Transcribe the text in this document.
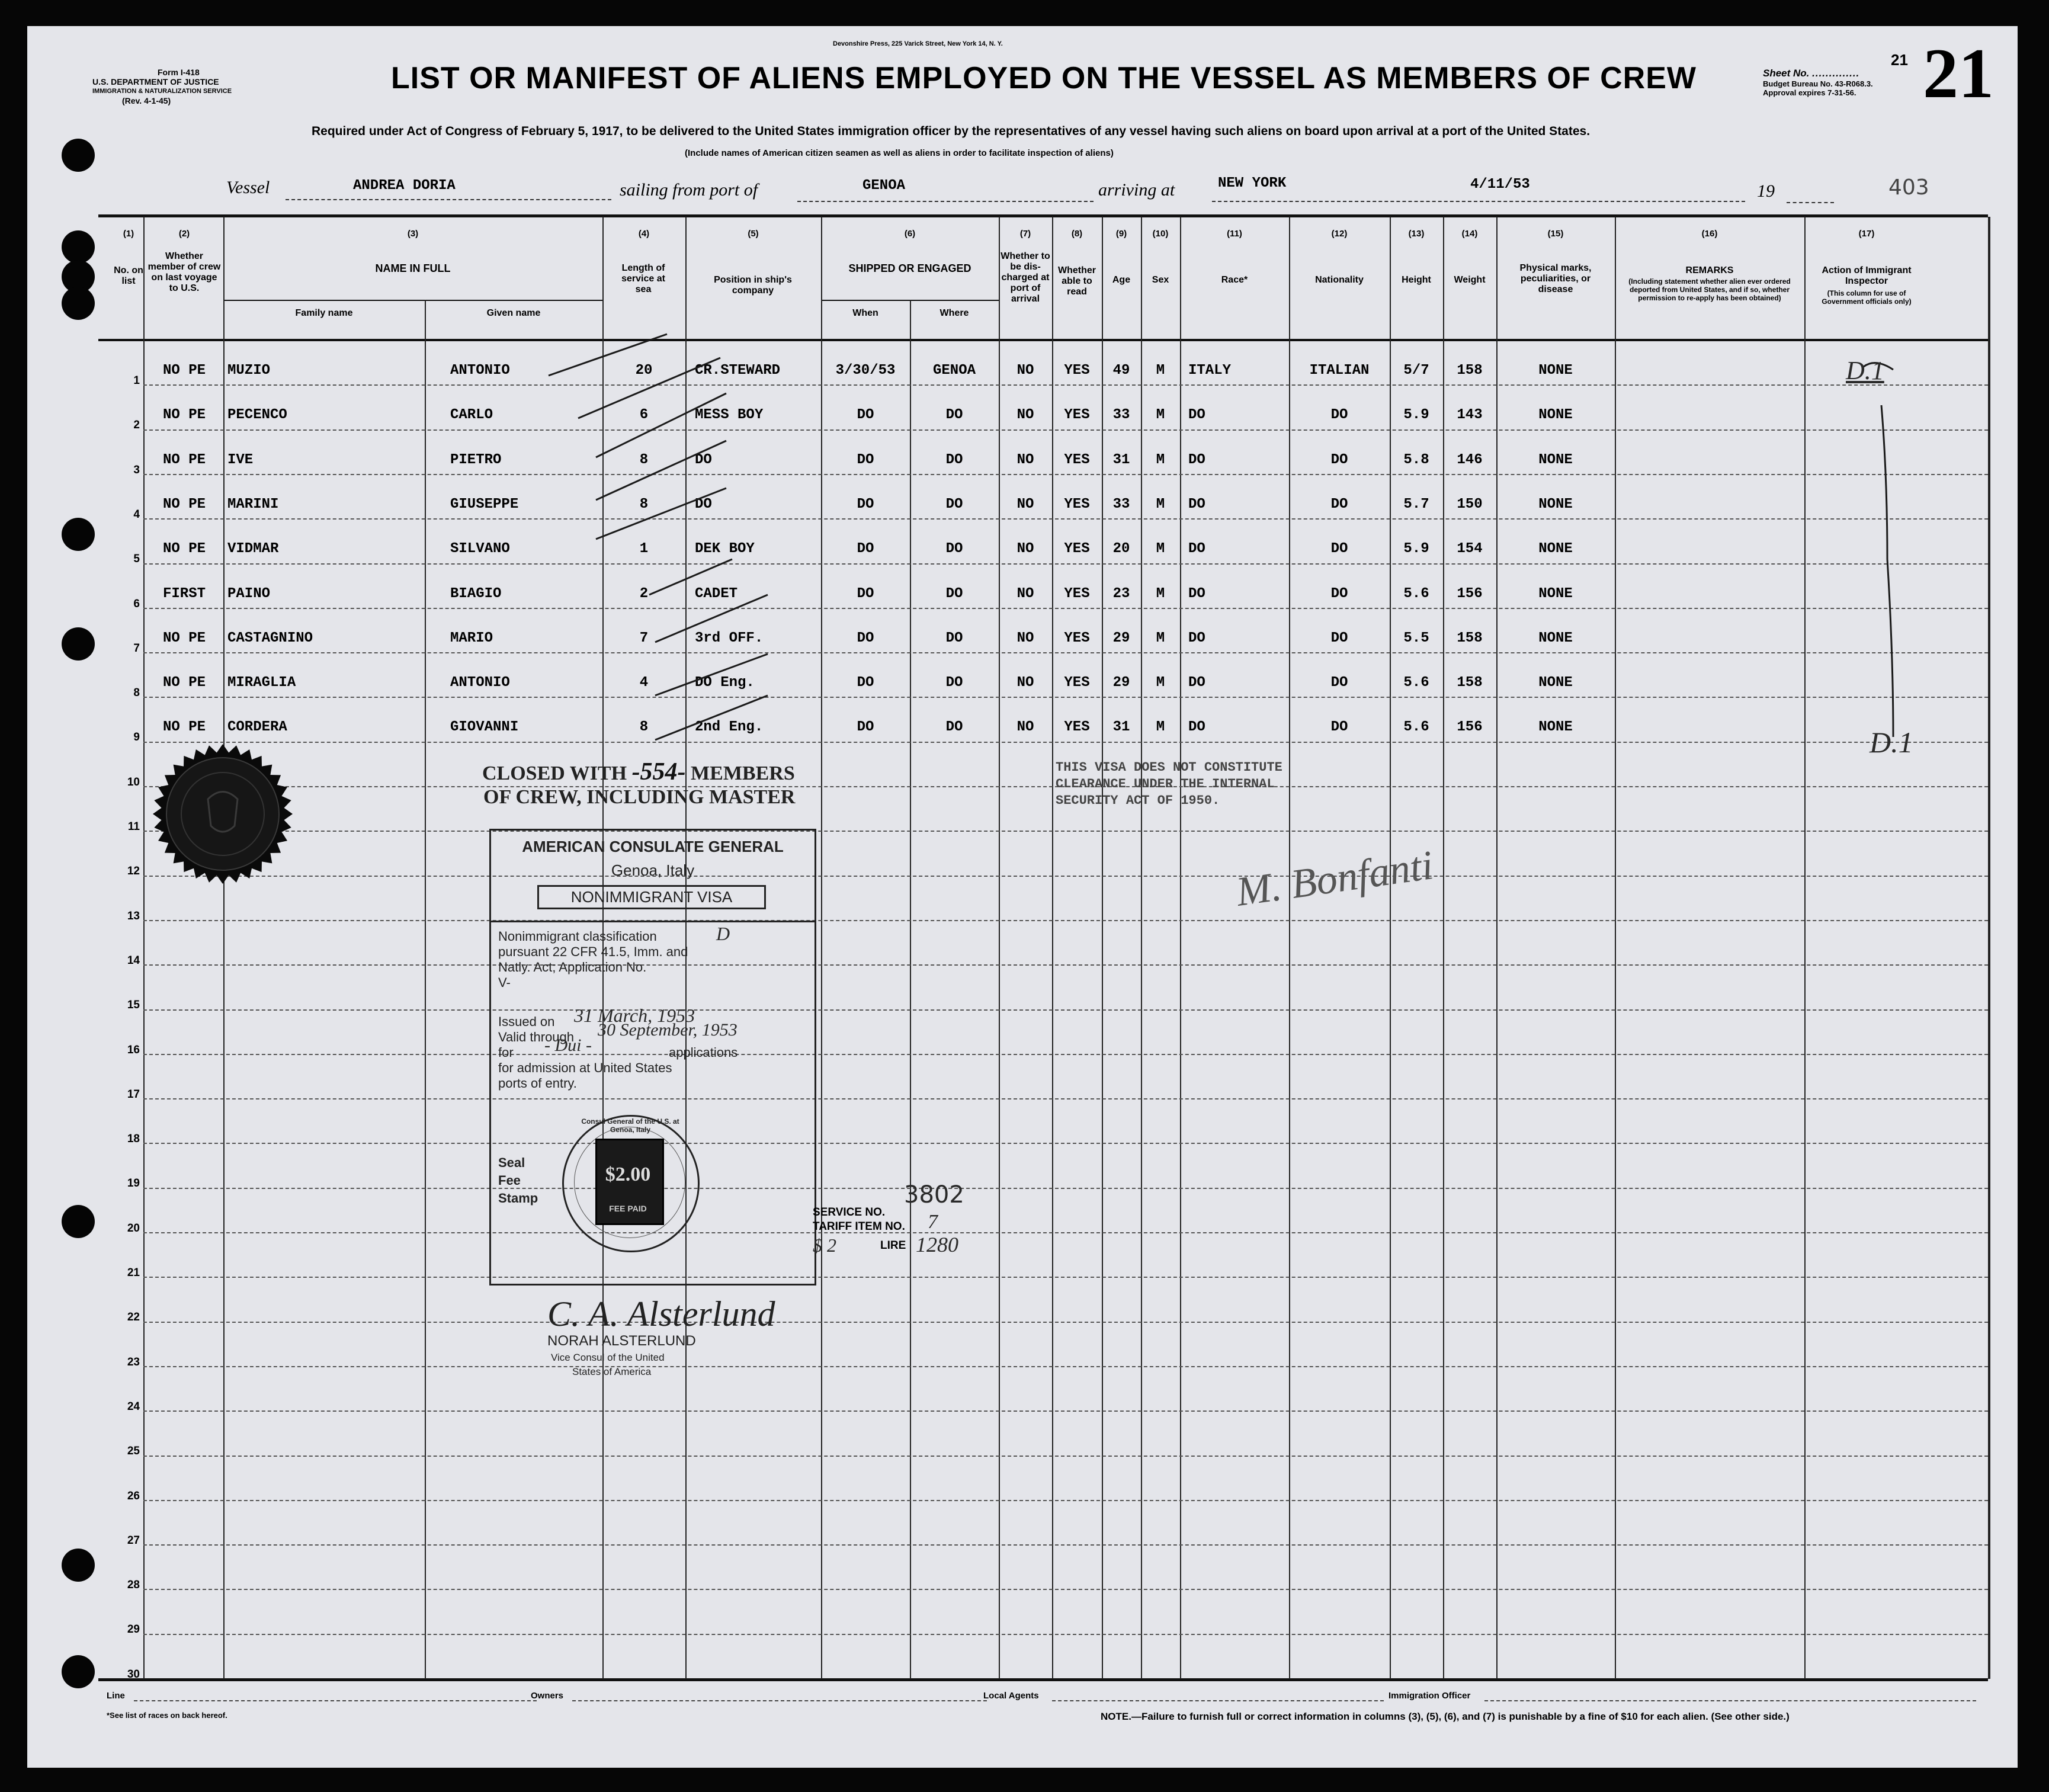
Form I-418
U.S. DEPARTMENT OF JUSTICE
IMMIGRATION & NATURALIZATION SERVICE
(Rev. 4-1-45)
Devonshire Press, 225 Varick Street, New York 14, N. Y.
LIST OR MANIFEST OF ALIENS EMPLOYED ON THE VESSEL AS MEMBERS OF CREW
Required under Act of Congress of February 5, 1917, to be delivered to the United States immigration officer by the representatives of any vessel having such aliens on board upon arrival at a port of the United States.
(Include names of American citizen seamen as well as aliens in order to facilitate inspection of aliens)
Sheet No. ..............
Budget Bureau No. 43-R068.3.
Approval expires 7-31-56.
21 21
Vessel	ANDREA DORIA	sailing from port of	GENOA	arriving at	NEW YORK	4/11/53	19	403
(1)
No. on list
(2)
Whether member of crew on last voyage to U.S.
(3)
NAME IN FULL
Family name	Given name
(4)
Length of service at sea
(5)
Position in ship's company
(6)
SHIPPED OR ENGAGED
When	Where
(7)
Whether to be dis-charged at port of arrival
(8)
Whether able to read
(9)
Age
(10)
Sex
(11)
Race*
(12)
Nationality
(13)
Height
(14)
Weight
(15)
Physical marks, peculiarities, or disease
(16)
REMARKS
(Including statement whether alien ever ordered deported from United States, and if so, whether permission to re-apply has been obtained)
(17)
Action of Immigrant Inspector
(This column for use of Government officials only)
1
NO PE	MUZIO	ANTONIO	20	CR.STEWARD	3/30/53	GENOA	NO	YES	49	M	ITALY	ITALIAN	5/7	158	NONE
2
NO PE	PECENCO	CARLO	6	MESS BOY	DO	DO	NO	YES	33	M	DO	DO	5.9	143	NONE
3
NO PE	IVE	PIETRO	8	DO	DO	DO	NO	YES	31	M	DO	DO	5.8	146	NONE
4
NO PE	MARINI	GIUSEPPE	8	DO	DO	DO	NO	YES	33	M	DO	DO	5.7	150	NONE
5
NO PE	VIDMAR	SILVANO	1	DEK BOY	DO	DO	NO	YES	20	M	DO	DO	5.9	154	NONE
6
FIRST	PAINO	BIAGIO	2	CADET	DO	DO	NO	YES	23	M	DO	DO	5.6	156	NONE
7
NO PE	CASTAGNINO	MARIO	7	3rd OFF.	DO	DO	NO	YES	29	M	DO	DO	5.5	158	NONE
8
NO PE	MIRAGLIA	ANTONIO	4	DO Eng.	DO	DO	NO	YES	29	M	DO	DO	5.6	158	NONE
9
NO PE	CORDERA	GIOVANNI	8	2nd Eng.	DO	DO	NO	YES	31	M	DO	DO	5.6	156	NONE
10
11
12
13
14
15
16
17
18
19
20
21
22
23
24
25
26
27
28
29
30
D.1
D.1
M. Bonfanti
CLOSED WITH -554- MEMBERS
OF CREW, INCLUDING MASTER
THIS VISA DOES NOT CONSTITUTE
CLEARANCE UNDER THE INTERNAL
SECURITY ACT OF 1950.
AMERICAN CONSULATE GENERAL
Genoa, Italy
NONIMMIGRANT VISA
Nonimmigrant classification	D
pursuant 22 CFR 41.5, Imm. and
Natly. Act; Application No.
V-
Issued on 31 March, 1953
Valid through 30 September, 1953
for - Dui -	applications
for admission at United States
ports of entry.
Seal
Fee
Stamp
$2.00
FEE PAID
Consul General of the U.S. at Genoa, Italy
SERVICE NO.
3802
TARIFF ITEM NO. 7
$ 2	LIRE 1280
C. A. Alsterlund
NORAH ALSTERLUND
Vice Consul of the United
States of America
Line	Owners	Local Agents	Immigration Officer
*See list of races on back hereof.	NOTE.—Failure to furnish full or correct information in columns (3), (5), (6), and (7) is punishable by a fine of $10 for each alien. (See other side.)
